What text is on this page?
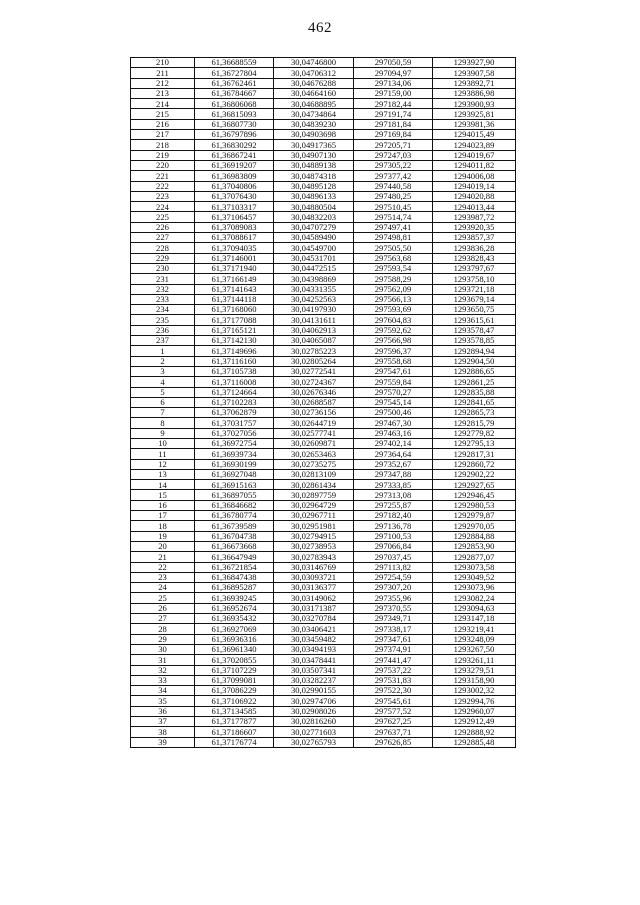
462
210	61,36688559	30,04746800	297050,59	1293927,90
211	61,36727804	30,04706312	297094,97	1293907,58
212	61,36762461	30,04676288	297134,06	1293892,71
213	61,36784667	30,04664160	297159,00	1293886,98
214	61,36806068	30,04688895	297182,44	1293900,93
215	61,36815093	30,04734864	297191,74	1293925,81
216	61,36807730	30,04839230	297181,84	1293981,36
217	61,36797896	30,04903698	297169,84	1294015,49
218	61,36830292	30,04917365	297205,71	1294023,89
219	61,36867241	30,04907130	297247,03	1294019,67
220	61,36919207	30,04889138	297305,22	1294011,82
221	61,36983809	30,04874318	297377,42	1294006,08
222	61,37040806	30,04895128	297440,58	1294019,14
223	61,37076430	30,04896133	297480,25	1294020,88
224	61,37103317	30,04880504	297510,45	1294013,44
225	61,37106457	30,04832203	297514,74	1293987,72
226	61,37089083	30,04707279	297497,41	1293920,35
227	61,37088617	30,04589490	297498,81	1293857,37
228	61,37094035	30,04549700	297505,50	1293836,28
229	61,37146001	30,04531701	297563,68	1293828,43
230	61,37171940	30,04472515	297593,54	1293797,67
231	61,37166149	30,04398869	297588,29	1293758,10
232	61,37141643	30,04331355	297562,09	1293721,18
233	61,37144118	30,04252563	297566,13	1293679,14
234	61,37168060	30,04197930	297593,69	1293650,75
235	61,37177088	30,04131611	297604,83	1293615,61
236	61,37165121	30,04062913	297592,62	1293578,47
237	61,37142130	30,04065087	297566,98	1293578,85
1	61,37149696	30,02785223	297596,37	1292894,94
2	61,37116160	30,02805264	297558,68	1292904,50
3	61,37105738	30,02772541	297547,61	1292886,65
4	61,37116008	30,02724367	297559,84	1292861,25
5	61,37124664	30,02676346	297570,27	1292835,88
6	61,37102283	30,02688587	297545,14	1292841,65
7	61,37062879	30,02736156	297500,46	1292865,73
8	61,37031757	30,02644719	297467,30	1292815,79
9	61,37027056	30,02577741	297463,16	1292779,82
10	61,36972754	30,02609871	297402,14	1292795,13
11	61,36939734	30,02653463	297364,64	1292817,31
12	61,36930199	30,02735275	297352,67	1292860,72
13	61,36927048	30,02813109	297347,88	1292902,22
14	61,36915163	30,02861434	297333,85	1292927,65
15	61,36897055	30,02897759	297313,08	1292946,45
16	61,36846682	30,02964729	297255,87	1292980,53
17	61,36780774	30,02967711	297182,40	1292979,87
18	61,36739589	30,02951981	297136,78	1292970,05
19	61,36704738	30,02794915	297100,53	1292884,88
20	61,36673668	30,02738953	297066,84	1292853,90
21	61,36647949	30,02783943	297037,45	1292877,07
22	61,36721854	30,03146769	297113,82	1293073,58
23	61,36847438	30,03093721	297254,59	1293049,52
24	61,36895287	30,03136377	297307,20	1293073,96
25	61,36939245	30,03149062	297355,96	1293082,24
26	61,36952674	30,03171387	297370,55	1293094,63
27	61,36935432	30,03270784	297349,71	1293147,18
28	61,36927069	30,03406421	297338,17	1293219,41
29	61,36936316	30,03459482	297347,61	1293248,09
30	61,36961340	30,03494193	297374,91	1293267,50
31	61,37020855	30,03478441	297441,47	1293261,11
32	61,37107229	30,03507341	297537,22	1293279,51
33	61,37099081	30,03282237	297531,83	1293158,90
34	61,37086229	30,02990155	297522,30	1293002,32
35	61,37106922	30,02974706	297545,61	1292994,76
36	61,37134585	30,02908026	297577,52	1292960,07
37	61,37177877	30,02816260	297627,25	1292912,49
38	61,37186607	30,02771603	297637,71	1292888,92
39	61,37176774	30,02765793	297626,85	1292885,48
